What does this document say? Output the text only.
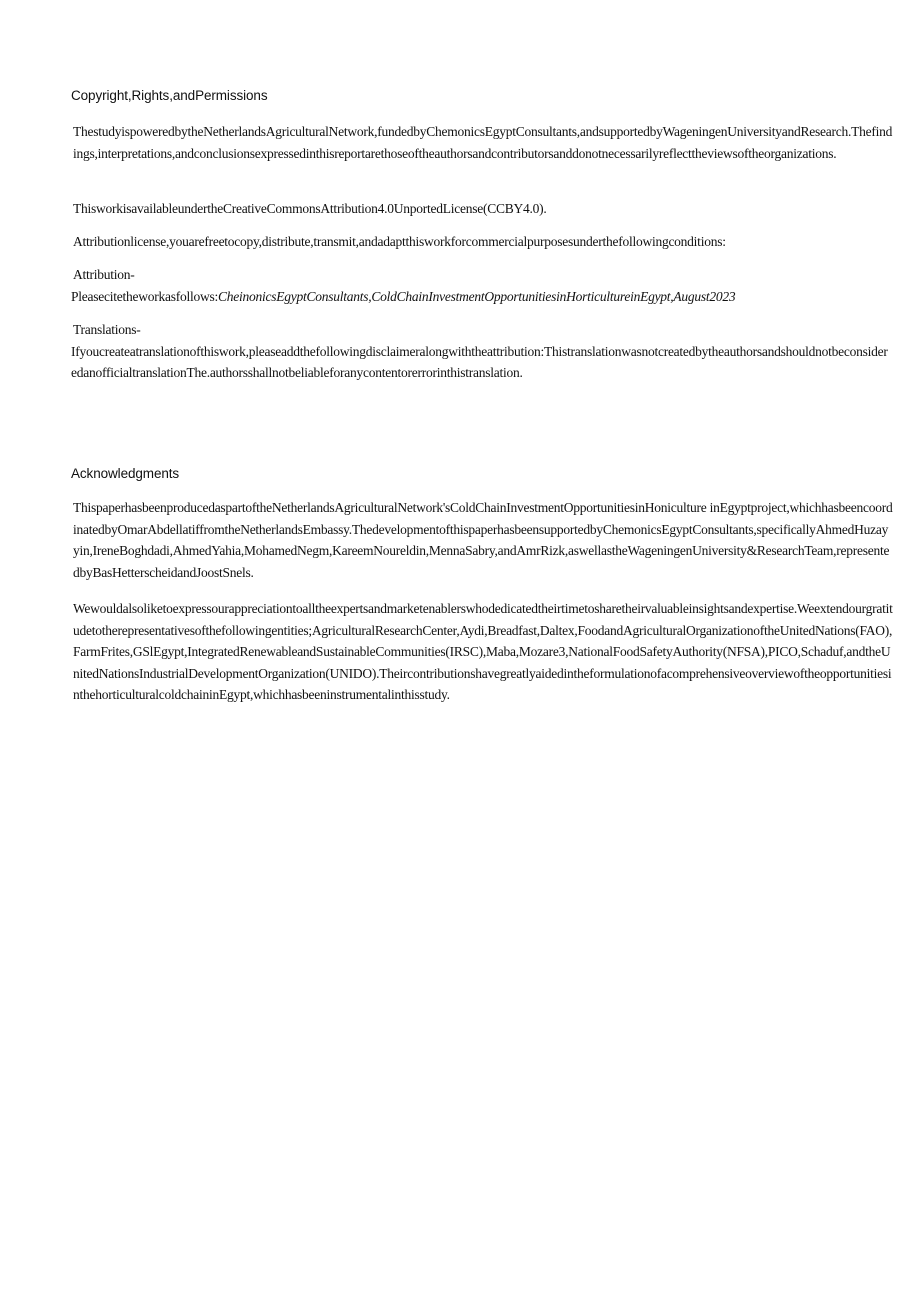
Copyright,Rights,andPermissions
ThestudyispoweredbytheNetherlandsAgriculturalNetwork,fundedbyChemonicsEgyptConsultants,andsupportedbyWageningenUniversityandResearch.Thefindings,interpretations,andconclusionsexpressedinthisreportarethoseoftheauthorsandcontributorsanddonotnecessarilyreflecttheviewsoftheorganizations.
ThisworkisavailableundertheCreativeCommonsAttribution4.0UnportedLicense(CCBY4.0).
Attributionlicense,youarefreetocopy,distribute,transmit,andadaptthisworkforcommercialpurposesunderthefollowingconditions:
Attribution-
Pleasecitetheworkasfollows:CheinonicsEgyptConsultants,ColdChainInvestmentOpportunitiesinHorticultureinEgypt,August2023
Translations-
Ifyoucreateatranslationofthiswork,pleaseaddthefollowingdisclaimeralongwiththeattribution:ThistranslationwasnotcreatedbytheauthorsandshouldnotbeconsideredanofficialtranslationThe.authorsshallnotbeliableforanycontentorerrorinthistranslation.
Acknowledgments
ThispaperhasbeenproducedaspartoftheNetherlandsAgriculturalNetwork'sColdChainInvestmentOpportunitiesinHoniculture inEgyptproject,whichhasbeencoordinatedbyOmarAbdellatiffromtheNetherlandsEmbassy.ThedevelopmentofthispaperhasbeensupportedbyChemonicsEgyptConsultants,specificallyAhmedHuzayyin,IreneBoghdadi,AhmedYahia,MohamedNegm,KareemNoureldin,MennaSabry,andAmrRizk,aswellastheWageningenUniversity&ResearchTeam,representedbyBasHetterscheidandJoostSnels.
Wewouldalsoliketoexpressourappreciationtoalltheexpertsandmarketenablerswhodedicatedtheirtimetosharetheirvaluableinsightsandexpertise.Weextendourgratitudetotherepresentativesofthefollowingentities;AgriculturalResearchCenter,Aydi,Breadfast,Daltex,FoodandAgriculturalOrganizationoftheUnitedNations(FAO),FarmFrites,GSlEgypt,IntegratedRenewableandSustainableCommunities(IRSC),Maba,Mozare3,NationalFoodSafetyAuthority(NFSA),PICO,Schaduf,andtheUnitedNationsIndustrialDevelopmentOrganization(UNIDO).TheircontributionshavegreatlyaidedintheformulationofacomprehensiveoverviewoftheopportunitiesinthehorticulturalcoldchaininEgypt,whichhasbeeninstrumentalinthisstudy.
